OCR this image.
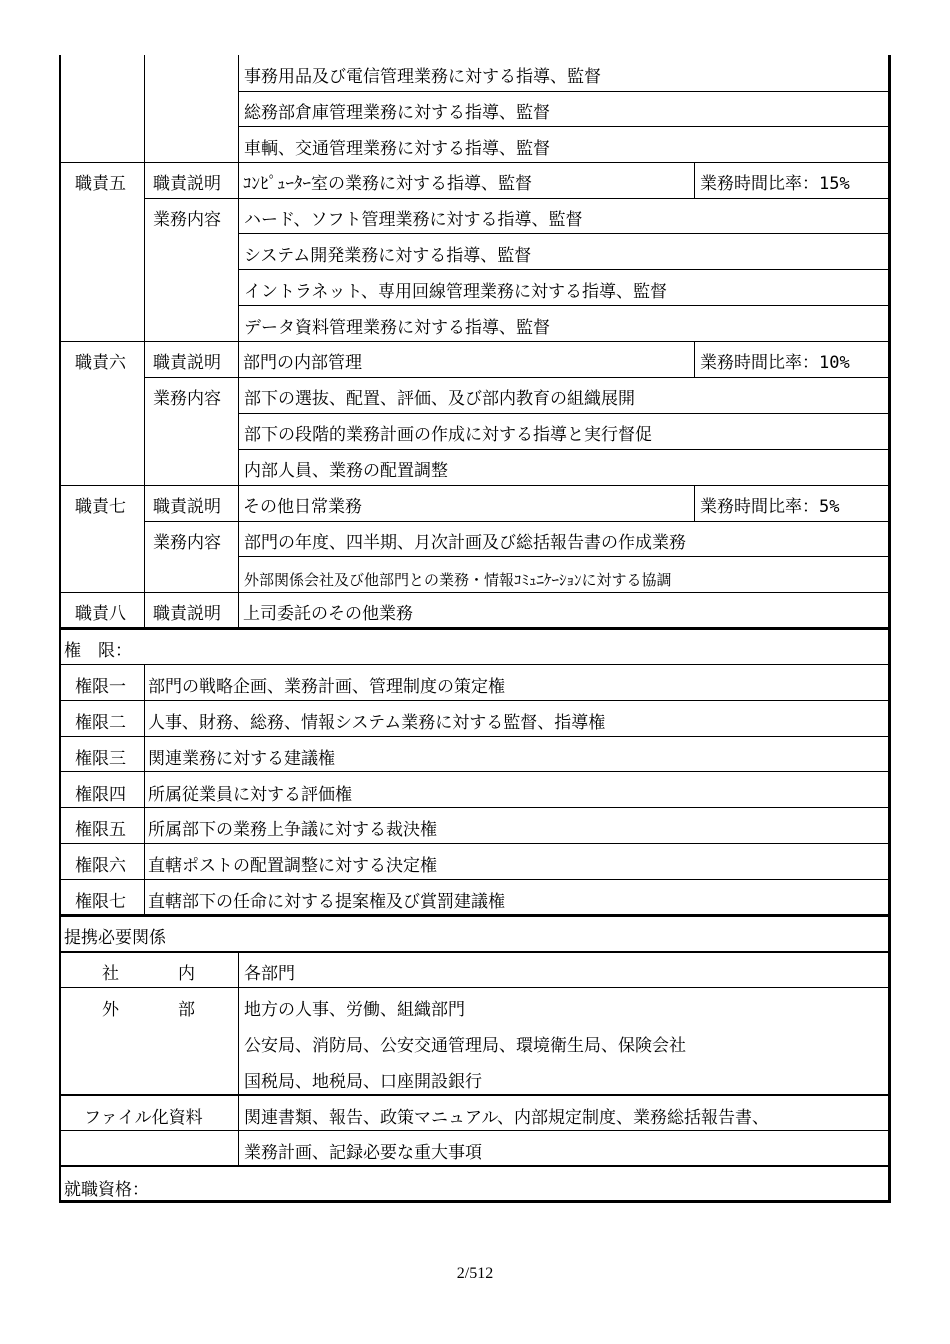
事務用品及び電信管理業務に対する指導、監督
総務部倉庫管理業務に対する指導、監督
車輌、交通管理業務に対する指導、監督
職責五 職責説明 ｺﾝﾋﾟｭｰﾀｰ室の業務に対する指導、監督	業務時間比率：15%
業務内容 ハード、ソフト管理業務に対する指導、監督
システム開発業務に対する指導、監督
イントラネット、専用回線管理業務に対する指導、監督
データ資料管理業務に対する指導、監督
職責六 職責説明 部門の内部管理	業務時間比率：10%
業務内容 部下の選抜、配置、評価、及び部内教育の組織展開
部下の段階的業務計画の作成に対する指導と実行督促
内部人員、業務の配置調整
職責七 職責説明 その他日常業務	業務時間比率：5%
業務内容 部門の年度、四半期、月次計画及び総括報告書の作成業務
外部関係会社及び他部門との業務・情報ｺﾐｭﾆｹｰｼｮﾝに対する協調
職責八 職責説明 上司委託のその他業務
権　限：
権限一 部門の戦略企画、業務計画、管理制度の策定権
権限二 人事、財務、総務、情報システム業務に対する監督、指導権
権限三 関連業務に対する建議権
権限四 所属従業員に対する評価権
権限五 所属部下の業務上争議に対する裁決権
権限六 直轄ポストの配置調整に対する決定権
権限七 直轄部下の任命に対する提案権及び賞罰建議権
提携必要関係
社	内	各部門
外	部	地方の人事、労働、組織部門
公安局、消防局、公安交通管理局、環境衛生局、保険会社
国税局、地税局、口座開設銀行
ファイル化資料 関連書類、報告、政策マニュアル、内部規定制度、業務総括報告書、
業務計画、記録必要な重大事項
就職資格：
2/512
